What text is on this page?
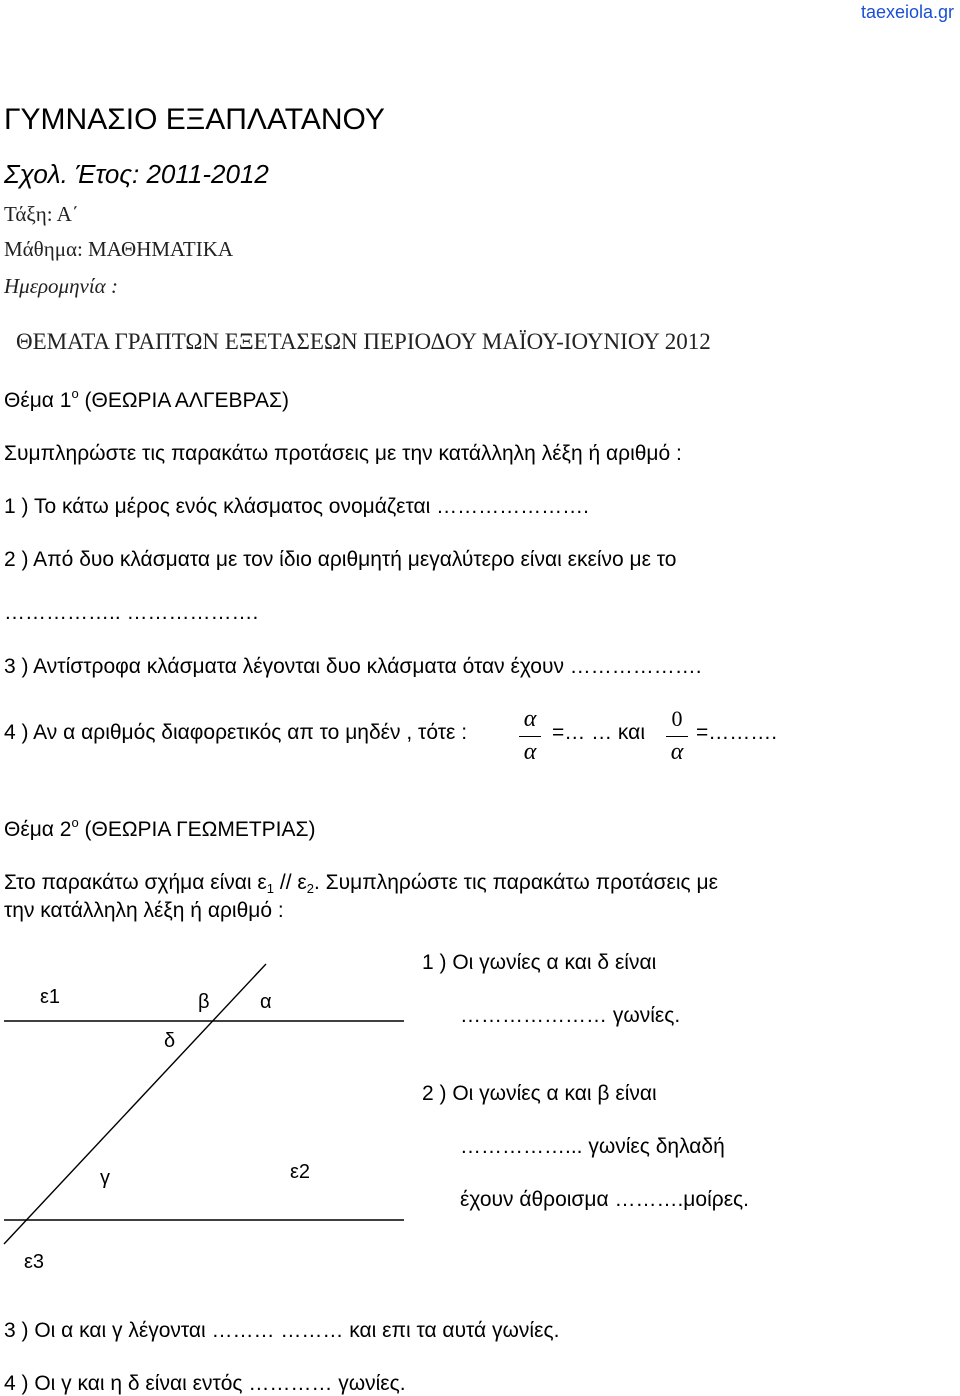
taexeiola.gr
ΓΥΜΝΑΣΙΟ ΕΞΑΠΛΑΤΑΝΟΥ
Σχολ. Έτος: 2011-2012
Τάξη: Α΄
Μάθημα: ΜΑΘΗΜΑΤΙΚΑ
Ημερομηνία :
ΘΕΜΑΤΑ ΓΡΑΠΤΩΝ ΕΞΕΤΑΣΕΩΝ ΠΕΡΙΟΔΟΥ ΜΑΪΟΥ-ΙΟΥΝΙΟΥ 2012
Θέμα $1^o$ (ΘΕΩΡΙΑ ΑΛΓΕΒΡΑΣ)
Συμπληρώστε τις παρακάτω προτάσεις με την κατάλληλη λέξη ή αριθμό :
1 ) Το κάτω μέρος ενός κλάσματος ονομάζεται ………………….
2 ) Από δυο κλάσματα με τον ίδιο αριθμητή μεγαλύτερο είναι εκείνο με το
…………….. ……………….
3 ) Αντίστροφα κλάσματα λέγονται δυο κλάσματα όταν έχουν ……………….
4 ) Αν α αριθμός διαφορετικός απ το μηδέν , τότε :
α
α
=… … και
0
α
=……….
Θέμα $2^o$ (ΘΕΩΡΙΑ ΓΕΩΜΕΤΡΙΑΣ)
Στο παρακάτω σχήμα είναι $\varepsilon_1 // \varepsilon_2$. Συμπληρώστε τις παρακάτω προτάσεις με
την κατάλληλη λέξη ή αριθμό :
ε1	β	α
δ
γ	ε2
ε3
1 ) Οι γωνίες α και δ είναι
………………… γωνίες.
2 ) Οι γωνίες α και β είναι
……………... γωνίες δηλαδή
έχουν άθροισμα ……….μοίρες.
3 ) Οι α και γ λέγονται ……… ……… και επι τα αυτά γωνίες.
4 ) Οι γ και η δ είναι εντός ………… γωνίες.
